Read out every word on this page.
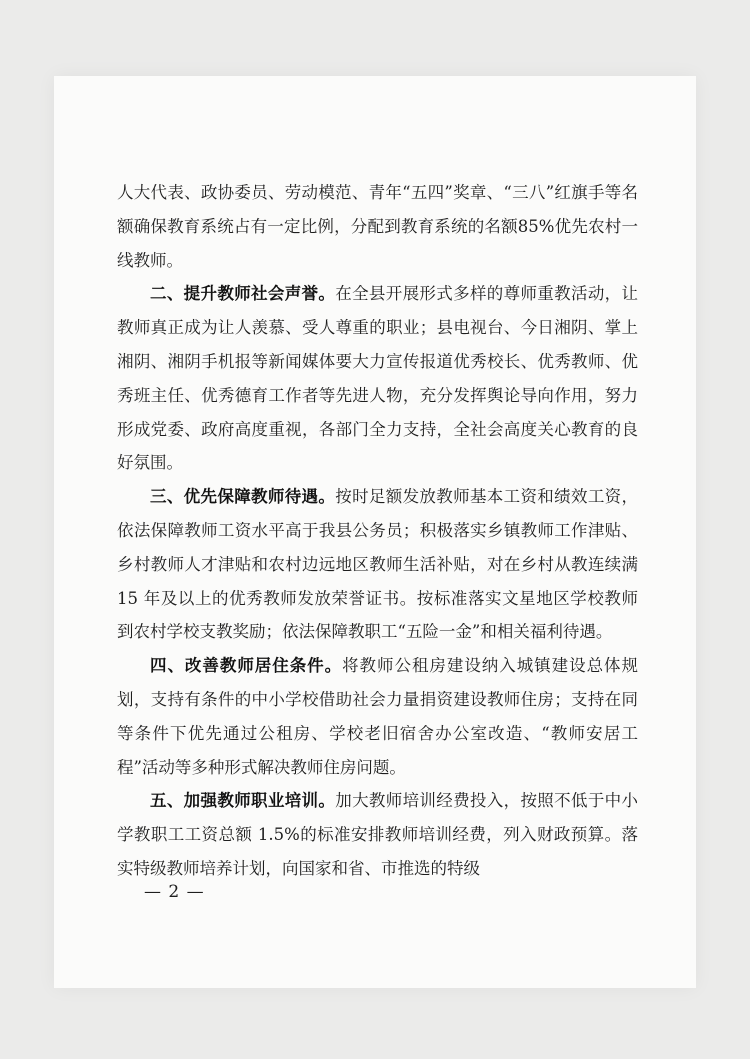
人大代表、政协委员、劳动模范、青年“五四”奖章、“三八”红旗手等名额确保教育系统占有一定比例，分配到教育系统的名额85%优先农村一线教师。

二、提升教师社会声誉。在全县开展形式多样的尊师重教活动，让教师真正成为让人羡慕、受人尊重的职业；县电视台、今日湘阴、掌上湘阴、湘阴手机报等新闻媒体要大力宣传报道优秀校长、优秀教师、优秀班主任、优秀德育工作者等先进人物，充分发挥舆论导向作用，努力形成党委、政府高度重视，各部门全力支持，全社会高度关心教育的良好氛围。

三、优先保障教师待遇。按时足额发放教师基本工资和绩效工资，依法保障教师工资水平高于我县公务员；积极落实乡镇教师工作津贴、乡村教师人才津贴和农村边远地区教师生活补贴，对在乡村从教连续满 15 年及以上的优秀教师发放荣誉证书。按标准落实文星地区学校教师到农村学校支教奖励；依法保障教职工“五险一金”和相关福利待遇。

四、改善教师居住条件。将教师公租房建设纳入城镇建设总体规划，支持有条件的中小学校借助社会力量捐资建设教师住房；支持在同等条件下优先通过公租房、学校老旧宿舍办公室改造、“教师安居工程”活动等多种形式解决教师住房问题。

五、加强教师职业培训。加大教师培训经费投入，按照不低于中小学教职工工资总额 1.5%的标准安排教师培训经费，列入财政预算。落实特级教师培养计划，向国家和省、市推选的特级

— 2 —
